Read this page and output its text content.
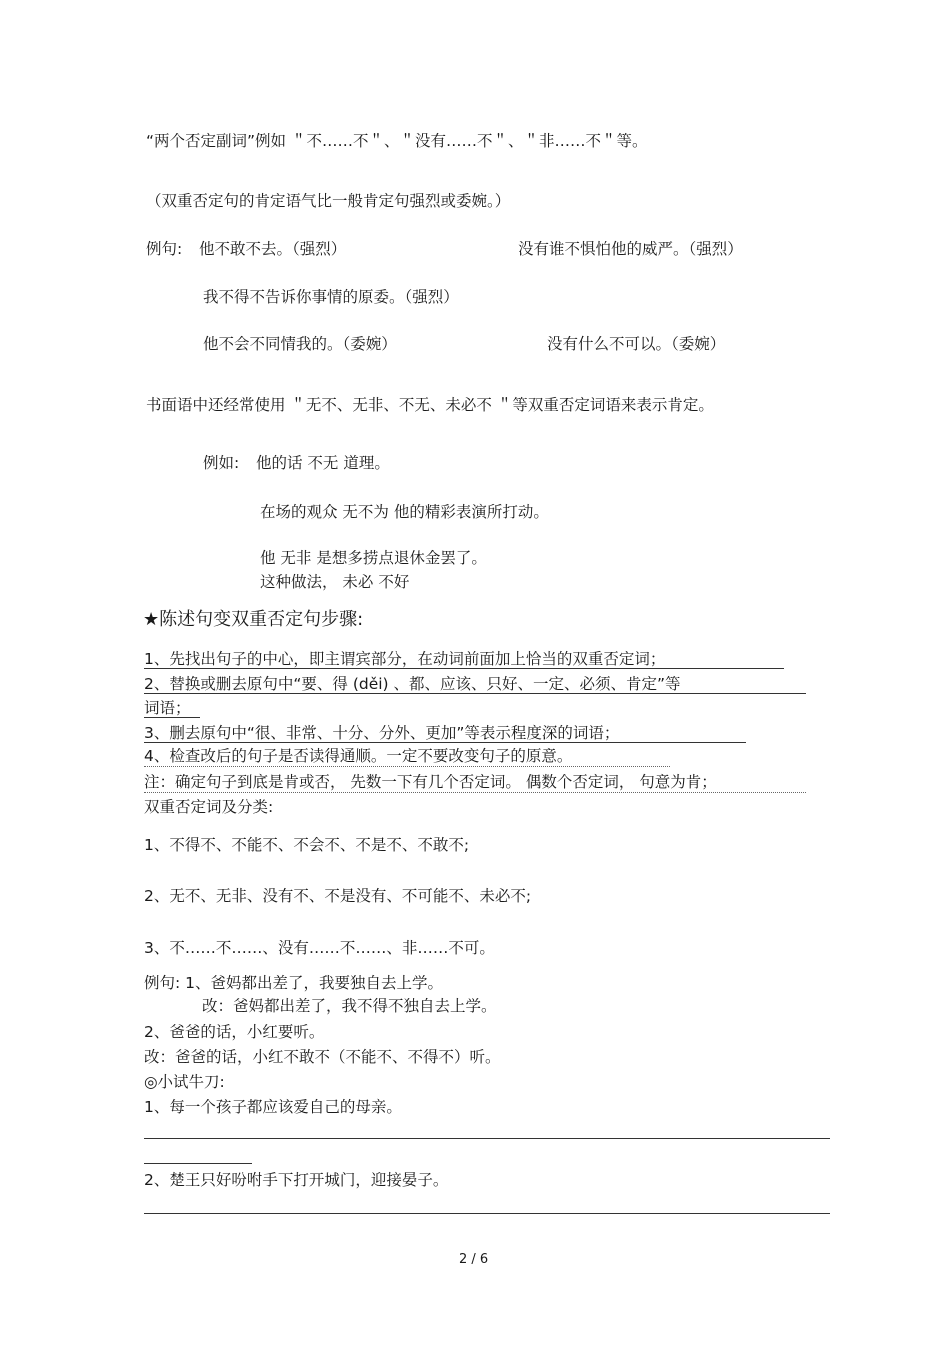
“两个否定副词”例如 ＂不……不＂、＂没有……不＂、＂非……不＂等。
（双重否定句的肯定语气比一般肯定句强烈或委婉。）
例句: 他不敢不去。（强烈）	没有谁不惧怕他的威严。（强烈）
我不得不告诉你事情的原委。（强烈）
他不会不同情我的。（委婉）	没有什么不可以。（委婉）
书面语中还经常使用 ＂无不、无非、不无、未必不 ＂等双重否定词语来表示肯定。
例如: 他的话 不无 道理。
在场的观众 无不为 他的精彩表演所打动。
他 无非 是想多捞点退休金罢了。
这种做法， 未必 不好
★陈述句变双重否定句步骤:
1、先找出句子的中心，即主谓宾部分，在动词前面加上恰当的双重否定词；
2、替换或删去原句中“要、得 (děi) 、都、应该、只好、一定、必须、肯定”等
词语；
3、删去原句中“很、非常、十分、分外、更加”等表示程度深的词语；
4、检查改后的句子是否读得通顺。一定不要改变句子的原意。
注：确定句子到底是肯或否， 先数一下有几个否定词。 偶数个否定词， 句意为肯；
双重否定词及分类:
1、不得不、不能不、不会不、不是不、不敢不;
2、无不、无非、没有不、不是没有、不可能不、未必不;
3、不……不……、没有……不……、非……不可。
例句: 1、爸妈都出差了，我要独自去上学。
改：爸妈都出差了，我不得不独自去上学。
2、爸爸的话，小红要听。
改：爸爸的话，小红不敢不（不能不、不得不）听。
◎小试牛刀:
1、每一个孩子都应该爱自己的母亲。
2、楚王只好吩咐手下打开城门，迎接晏子。
2 / 6
